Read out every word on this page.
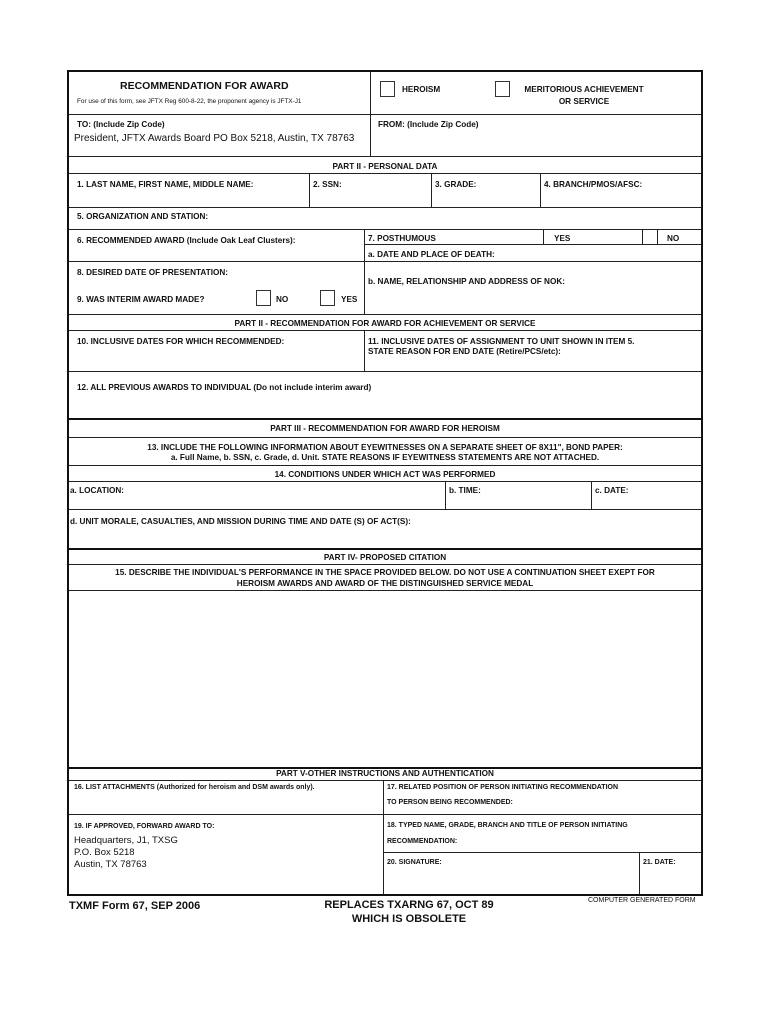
RECOMMENDATION FOR AWARD
For use of this form, see JFTX Reg 600-8-22, the proponent agency is JFTX-J1
HEROISM	MERITORIOUS ACHIEVEMENT
OR SERVICE
TO: (Include Zip Code)
President, JFTX Awards Board PO Box 5218, Austin, TX 78763
FROM: (Include Zip Code)
PART II - PERSONAL DATA
1. LAST NAME, FIRST NAME, MIDDLE NAME:	2. SSN:	3. GRADE:	4. BRANCH/PMOS/AFSC:
5. ORGANIZATION AND STATION:
6. RECOMMENDED AWARD (Include Oak Leaf Clusters):	7. POSTHUMOUS	YES	NO
a. DATE AND PLACE OF DEATH:
8. DESIRED DATE OF PRESENTATION:
b. NAME, RELATIONSHIP AND ADDRESS OF NOK:
9. WAS INTERIM AWARD MADE?	NO	YES
PART II - RECOMMENDATION FOR AWARD FOR ACHIEVEMENT OR SERVICE
10. INCLUSIVE DATES FOR WHICH RECOMMENDED:	11. INCLUSIVE DATES OF ASSIGNMENT TO UNIT SHOWN IN ITEM 5.
STATE REASON FOR END DATE (Retire/PCS/etc):
12. ALL PREVIOUS AWARDS TO INDIVIDUAL (Do not include interim award)
PART III - RECOMMENDATION FOR AWARD FOR HEROISM
13. INCLUDE THE FOLLOWING INFORMATION ABOUT EYEWITNESSES ON A SEPARATE SHEET OF 8X11", BOND PAPER:
a. Full Name, b. SSN, c. Grade, d. Unit. STATE REASONS IF EYEWITNESS STATEMENTS ARE NOT ATTACHED.
14. CONDITIONS UNDER WHICH ACT WAS PERFORMED
a. LOCATION:	b. TIME:	c. DATE:
d. UNIT MORALE, CASUALTIES, AND MISSION DURING TIME AND DATE (S) OF ACT(S):
PART IV- PROPOSED CITATION
15. DESCRIBE THE INDIVIDUAL'S PERFORMANCE IN THE SPACE PROVIDED BELOW. DO NOT USE A CONTINUATION SHEET EXEPT FOR
HEROISM AWARDS AND AWARD OF THE DISTINGUISHED SERVICE MEDAL
PART V-OTHER INSTRUCTIONS AND AUTHENTICATION
16. LIST ATTACHMENTS (Authorized for heroism and DSM awards only).	17. RELATED POSITION OF PERSON INITIATING RECOMMENDATION
TO PERSON BEING RECOMMENDED:
19. IF APPROVED, FORWARD AWARD TO:
Headquarters, J1, TXSG
P.O. Box 5218
Austin, TX 78763
18. TYPED NAME, GRADE, BRANCH AND TITLE OF PERSON INITIATING
RECOMMENDATION:
20. SIGNATURE:	21. DATE:
TXMF Form 67, SEP 2006	REPLACES TXARNG 67, OCT 89
WHICH IS OBSOLETE
COMPUTER GENERATED FORM
